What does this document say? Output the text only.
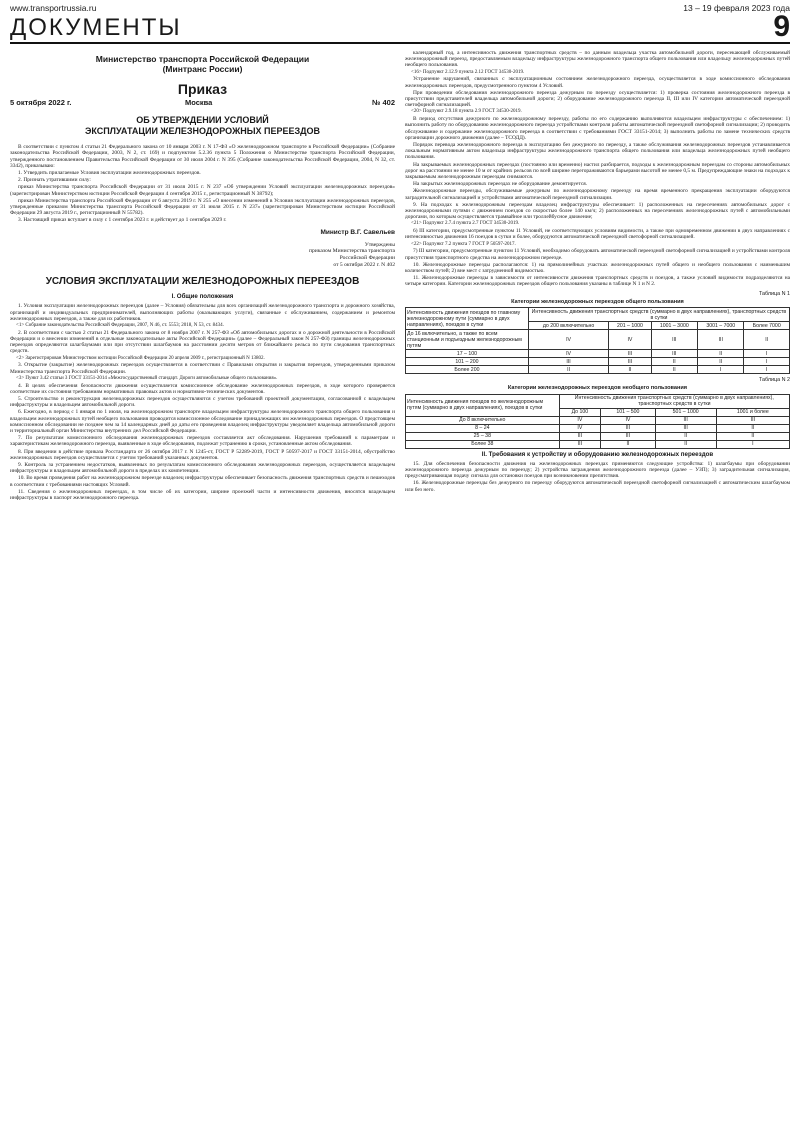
www.transportrussia.ru	13 – 19 февраля 2023 года
ДОКУМЕНТЫ	9
Министерство транспорта Российской Федерации
(Минтранс России)
Приказ
5 октября 2022 г.	Москва	№ 402
ОБ УТВЕРЖДЕНИИ УСЛОВИЙ
ЭКСПЛУАТАЦИИ ЖЕЛЕЗНОДОРОЖНЫХ ПЕРЕЕЗДОВ

В соответствии с пунктом 4 статьи 21 Федерального закона от 10 января 2003 г. N 17-ФЗ «О железнодорожном транспорте в Российской Федерации» (Собрание законодательства Российской Федерации, 2003, N 2, ст. 169) и подпунктом 5.2.36 пункта 5 Положения о Министерстве транспорта Российской Федерации, утвержденного постановлением Правительства Российской Федерации от 30 июля 2004 г. N 395 (Собрание законодательства Российской Федерации, 2004, N 32, ст. 3342), приказываю:

1. Утвердить прилагаемые Условия эксплуатации железнодорожных переездов.

2. Признать утратившими силу:

приказ Министерства транспорта Российской Федерации от 31 июля 2015 г. N 237 «Об утверждении Условий эксплуатации железнодорожных переездов» (зарегистрирован Министерством юстиции Российской Федерации 4 сентября 2015 г., регистрационный N 38792);

приказ Министерства транспорта Российской Федерации от 6 августа 2019 г. N 255 «О внесении изменений в Условия эксплуатации железнодорожных переездов, утвержденные приказом Министерства транспорта Российской Федерации от 31 июля 2015 г. N 237» (зарегистрирован Министерством юстиции Российской Федерации 29 августа 2019 г., регистрационный N 55782).

3. Настоящий приказ вступает в силу с 1 сентября 2023 г. и действует до 1 сентября 2029 г.

Министр В.Г. Савельев
Утверждены
приказом Министерства транспорта
Российской Федерации
от 5 октября 2022 г. N 402
УСЛОВИЯ ЭКСПЛУАТАЦИИ ЖЕЛЕЗНОДОРОЖНЫХ ПЕРЕЕЗДОВ
I. Общие положения

1. Условия эксплуатации железнодорожных переездов (далее – Условия) обязательны для всех организаций железнодорожного транспорта и дорожного хозяйства, организаций и индивидуальных предпринимателей, выполняющих работы (оказывающих услуги), связанные с обслуживанием, содержанием и ремонтом железнодорожных переездов, а также для их работников.

<1> Собрание законодательства Российской Федерации, 2007, N 46, ст. 5553; 2018, N 53, ст. 8434.

2. В соответствии с частью 2 статьи 21 Федерального закона от 8 ноября 2007 г. N 257-ФЗ «Об автомобильных дорогах и о дорожной деятельности в Российской Федерации и о внесении изменений в отдельные законодательные акты Российской Федерации» (далее – Федеральный закон N 257-ФЗ) границы железнодорожных переездов определяются шлагбаумами или при отсутствии шлагбаумов на расстоянии десяти метров от ближайшего рельса по пути следования транспортных средств.

<2> Зарегистрирован Министерством юстиции Российской Федерации 20 апреля 2009 г., регистрационный N 13802.

3. Открытие (закрытие) железнодорожных переездов осуществляется в соответствии с Правилами открытия и закрытия переездов, утвержденными приказом Министерства транспорта Российской Федерации.

<3> Пункт 3.42 статьи 3 ГОСТ 33151-2014 «Межгосударственный стандарт. Дороги автомобильные общего пользования».

4. В целях обеспечения безопасности движения осуществляется комиссионное обследование железнодорожных переездов, в ходе которого проверяется соответствие их состояния требованиям нормативных правовых актов и нормативно-технических документов.

5. Строительство и реконструкция железнодорожных переездов осуществляются с учетом требований проектной документации, согласованной с владельцем инфраструктуры и владельцем автомобильной дороги.

6. Ежегодно, в период с 1 января по 1 июля, на железнодорожном транспорте владельцем инфраструктуры железнодорожного транспорта общего пользования и владельцем железнодорожных путей необщего пользования проводится комиссионное обследование принадлежащих им железнодорожных переездов. О предстоящем комиссионном обследовании не позднее чем за 14 календарных дней до даты его проведения владелец инфраструктуры уведомляет владельца автомобильной дороги и территориальный орган Министерства внутренних дел Российской Федерации.

7. По результатам комиссионного обследования железнодорожных переездов составляется акт обследования. Нарушения требований к параметрам и характеристикам железнодорожного переезда, выявленные в ходе обследования, подлежат устранению в сроки, установленные актом обследования.

8. При введении в действие приказа Росстандарта от 26 октября 2017 г. N 1245-ст, ГОСТ Р 52289-2019, ГОСТ Р 50597-2017 и ГОСТ 33151-2014, обустройство железнодорожных переездов осуществляется с учетом требований указанных документов.

9. Контроль за устранением недостатков, выявленных по результатам комиссионного обследования железнодорожных переездов, осуществляется владельцем инфраструктуры и владельцем автомобильной дороги в пределах их компетенции.

10. Во время проведения работ на железнодорожном переезде владелец инфраструктуры обеспечивает безопасность движения транспортных средств и пешеходов в соответствии с требованиями настоящих Условий.

11. Сведения о железнодорожных переездах, в том числе об их категории, ширине проезжей части и интенсивности движения, вносятся владельцем инфраструктуры в паспорт железнодорожного переезда.

календарный год, а интенсивность движения транспортных средств – по данным владельца участка автомобильной дороги, пересекающей обслуживаемый железнодорожный переезд, предоставляемым владельцу инфраструктуры железнодорожного транспорта общего пользования или владельцу железнодорожных путей необщего пользования.

<16> Подпункт 2.12.9 пункта 2.12 ГОСТ 34530-2019.

Устранение нарушений, связанных с эксплуатационным состоянием железнодорожного переезда, осуществляется в ходе комиссионного обследования железнодорожных переездов, предусмотренного пунктом 4 Условий.

При проведении обследования железнодорожного переезда дежурным по переезду осуществляется: 1) проверка состояния железнодорожного переезда в присутствии представителей владельца автомобильной дороги; 2) оборудование железнодорожного переезда II, III или IV категории автоматической переездной светофорной сигнализацией.

<20> Подпункт 2.9.18 пункта 2.9 ГОСТ 34530-2019.

В период отсутствия дежурного по железнодорожному переезду, работы по его содержанию выполняются владельцем инфраструктуры с обеспечением: 1) выполнить работу по оборудованию железнодорожного переезда устройствами контроля работы автоматической переездной светофорной сигнализации; 2) проводить обслуживание и содержание железнодорожного переезда в соответствии с требованиями ГОСТ 33151-2014; 3) выполнить работы по замене технических средств организации дорожного движения (далее – ТСОДД).

Порядок перевода железнодорожного переезда в эксплуатацию без дежурного по переезду, а также обслуживания железнодорожных переездов устанавливается локальным нормативным актом владельца инфраструктуры железнодорожного транспорта общего пользования или владельца железнодорожных путей необщего пользования.

На закрываемых железнодорожных переездах (постоянно или временно) настил разбирается, подходы к железнодорожным переездам со стороны автомобильных дорог на расстоянии не менее 10 м от крайних рельсов по всей ширине перегораживаются барьерами высотой не менее 0,5 м. Предупреждающие знаки на подходах к закрываемым железнодорожным переездам снимаются.

На закрытых железнодорожных переездах не оборудование демонтируется.

Железнодорожные переезды, обслуживаемые дежурным по железнодорожному переезду на время временного прекращения эксплуатации оборудуются заградительной сигнализацией и устройствами автоматической переездной сигнализации.

9. На подходах к железнодорожным переездам владелец инфраструктуры обеспечивает: 1) расположенных на пересечениях автомобильных дорог с железнодорожными путями с движением поездов со скоростью более 140 км/ч; 2) расположенных на пересечениях железнодорожных путей с автомобильными дорогами, по которым осуществляется трамвайное или троллейбусное движение;

<21> Подпункт 2.7.4 пункта 2.7 ГОСТ 34530-2019.

6) III категории, предусмотренные пунктом 11 Условий, не соответствующих условиям видимости, а также при одновременном движении в двух направлениях с интенсивностью движения 16 поездов в сутки и более, оборудуются автоматической переездной светофорной сигнализацией.

<22> Подпункт 7.2 пункта 7 ГОСТ Р 50597-2017.

7) III категории, предусмотренные пунктом 11 Условий, необходимо оборудовать автоматической переездной светофорной сигнализацией и устройствами контроля присутствия транспортного средства на железнодорожном переезде.

10. Железнодорожные переезды располагаются: 1) на прямолинейных участках железнодорожных путей общего и необщего пользования с наименьшим количеством путей; 2) вне мест с затрудненной видимостью.

11. Железнодорожные переезды в зависимости от интенсивности движения транспортных средств и поездов, а также условий видимости подразделяются на четыре категории. Категории железнодорожных переездов общего пользования указаны в таблице N 1 и N 2.

Таблица N 1
Категории железнодорожных переездов общего пользования
Интенсивность движения поездов по главному железнодорожному пути (суммарно в двух направлениях), поездов в сутки	Интенсивность движения транспортных средств (суммарно в двух направлениях), транспортных средств в сутки				
	до 200 включительно	201 – 1000	1001 – 3000	3001 – 7000	Более 7000
До 16 включительно, а также по всем станционным и подъездным железнодорожным путям	IV	IV	III	III	II
17 – 100	IV	III	III	II	I
101 – 200	III	III	II	II	I
Более 200	II	II	II	I	I
Таблица N 2
Категории железнодорожных переездов необщего пользования
Интенсивность движения поездов по железнодорожным путям (суммарно в двух направлениях), поездов в сутки	Интенсивность движения транспортных средств (суммарно в двух направлениях), транспортных средств в сутки			
	До 100	101 – 500	501 – 1000	1001 и более
До 8 включительно	IV	IV	III	III
8 – 24	IV	III	III	II
25 – 38	III	III	II	II
Более 38	III	II	II	I
II. Требования к устройству и оборудованию железнодорожных переездов

15. Для обеспечения безопасности движения на железнодорожных переездах применяются следующие устройства: 1) шлагбаумы при оборудовании железнодорожного переезда дежурным по переезду; 2) устройства заграждения железнодорожного переезда (далее – УЗП); 3) заградительная сигнализация, предусматривающая подачу сигнала для остановки поездов при возникновении препятствия.

16. Железнодорожные переезды без дежурного по переезду оборудуются автоматической переездной светофорной сигнализацией с автоматическим шлагбаумом или без него.
